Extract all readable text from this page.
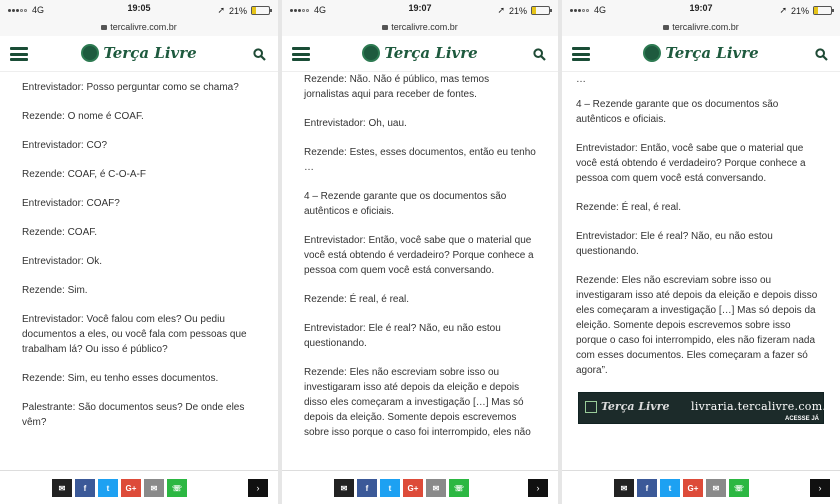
4G	19:05	➚ 21%
tercalivre.com.br
Terça Livre

Entrevistador: Posso perguntar como se chama?

Rezende: O nome é COAF.

Entrevistador: CO?

Rezende: COAF, é C-O-A-F

Entrevistador: COAF?

Rezende: COAF.

Entrevistador: Ok.

Rezende: Sim.

Entrevistador: Você falou com eles? Ou pediu documentos a eles, ou você fala com pessoas que trabalham lá? Ou isso é público?

Rezende: Sim, eu tenho esses documentos.

Palestrante: São documentos seus? De onde eles vêm?

✉	f	t	G+	✉	☏	›
4G	19:07	➚ 21%
tercalivre.com.br
Terça Livre

Rezende: Não. Não é público, mas temos jornalistas aqui para receber de fontes.

Entrevistador: Oh, uau.

Rezende: Estes, esses documentos, então eu tenho …

4 – Rezende garante que os documentos são autênticos e oficiais.

Entrevistador: Então, você sabe que o material que você está obtendo é verdadeiro? Porque conhece a pessoa com quem você está conversando.

Rezende: É real, é real.

Entrevistador: Ele é real? Não, eu não estou questionando.

Rezende: Eles não escreviam sobre isso ou investigaram isso até depois da eleição e depois disso eles começaram a investigação […] Mas só depois da eleição. Somente depois escrevemos sobre isso porque o caso foi interrompido, eles não

✉	f	t	G+	✉	☏	›
4G	19:07	➚ 21%
tercalivre.com.br
Terça Livre

…

4 – Rezende garante que os documentos são autênticos e oficiais.

Entrevistador: Então, você sabe que o material que você está obtendo é verdadeiro? Porque conhece a pessoa com quem você está conversando.

Rezende: É real, é real.

Entrevistador: Ele é real? Não, eu não estou questionando.

Rezende: Eles não escreviam sobre isso ou investigaram isso até depois da eleição e depois disso eles começaram a investigação […] Mas só depois da eleição. Somente depois escrevemos sobre isso porque o caso foi interrompido, eles não fizeram nada com esses documentos. Eles começaram a fazer só agora”.

Terça Livre livraria.tercalivre.com.br
ACESSE JÁ
✉	f	t	G+	✉	☏	›
